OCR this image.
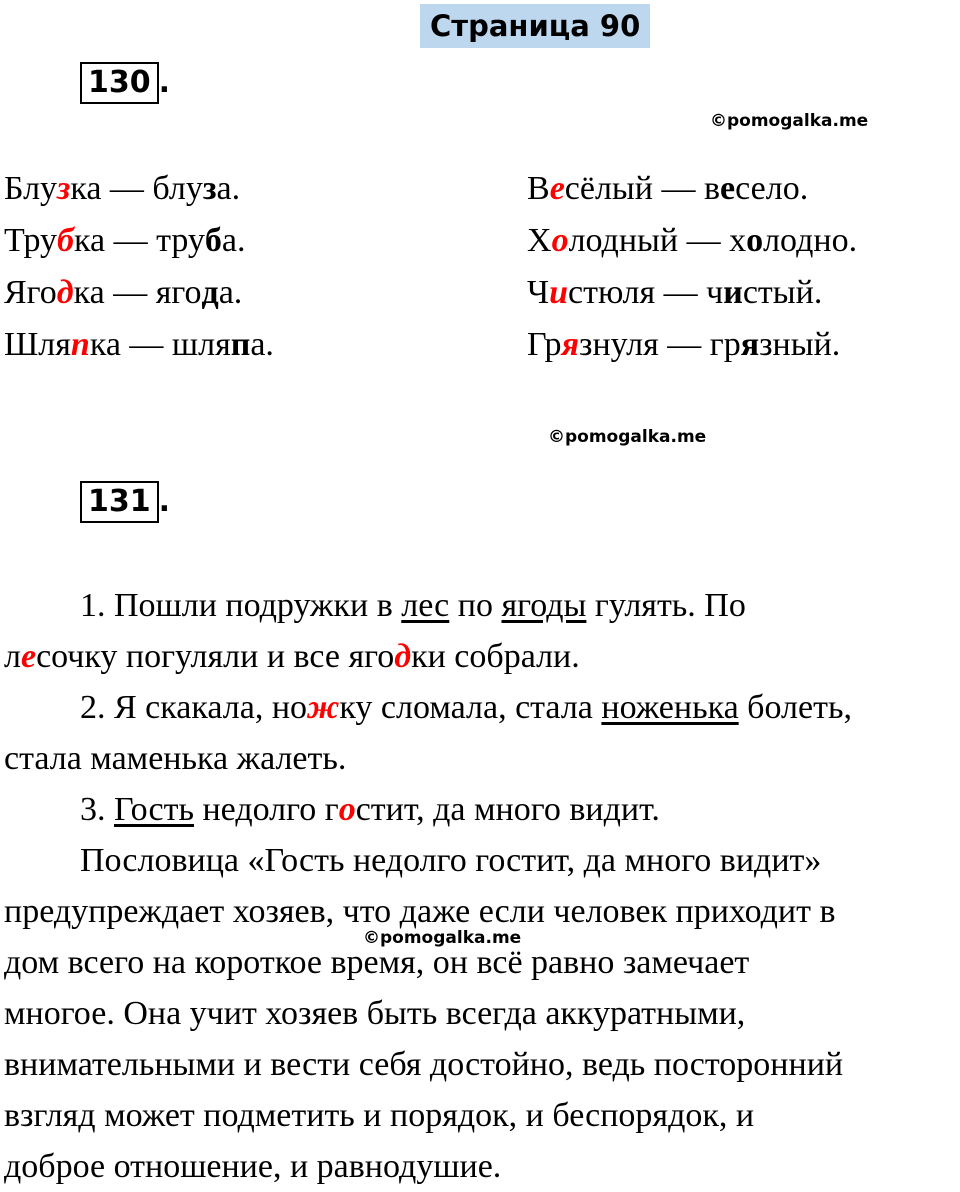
Страница 90
130 .
©pomogalka.me
Блузка — блуза.
Трубка — труба.
Ягодка — ягода.
Шляпка — шляпа.
Весёлый — весело.
Холодный — холодно.
Чистюля — чистый.
Грязнуля — грязный.
©pomogalka.me
131 .

1. Пошли подружки в лес по ягоды гулять. По

лесочку погуляли и все ягодки собрали.

2. Я скакала, ножку сломала, стала ноженька болеть,

стала маменька жалеть.

3. Гость недолго гостит, да много видит.

Пословица «Гость недолго гостит, да много видит»

предупреждает хозяев, что даже если человек приходит в

дом всего на короткое время, он всё равно замечает

многое. Она учит хозяев быть всегда аккуратными,

внимательными и вести себя достойно, ведь посторонний

взгляд может подметить и порядок, и беспорядок, и

доброе отношение, и равнодушие.

©pomogalka.me
